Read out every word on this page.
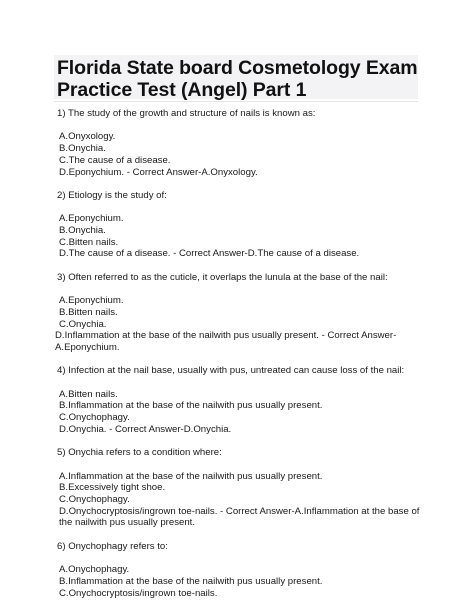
Florida State board Cosmetology Exam
Practice Test (Angel) Part 1

1) The study of the growth and structure of nails is known as:

A.Onyxology.
B.Onychia.
C.The cause of a disease.
D.Eponychium. - Correct Answer-A.Onyxology.

2) Etiology is the study of:

A.Eponychium.
B.Onychia.
C.Bitten nails.
D.The cause of a disease. - Correct Answer-D.The cause of a disease.

3) Often referred to as the cuticle, it overlaps the lunula at the base of the nail:

A.Eponychium.
B.Bitten nails.
C.Onychia.
D.Inflammation at the base of the nailwith pus usually present. - Correct Answer-
A.Eponychium.

4) Infection at the nail base, usually with pus, untreated can cause loss of the nail:

A.Bitten nails.
B.Inflammation at the base of the nailwith pus usually present.
C.Onychophagy.
D.Onychia. - Correct Answer-D.Onychia.

5) Onychia refers to a condition where:

A.Inflammation at the base of the nailwith pus usually present.
B.Excessively tight shoe.
C.Onychophagy.
D.Onychocryptosis/ingrown toe-nails. - Correct Answer-A.Inflammation at the base of
the nailwith pus usually present.

6) Onychophagy refers to:

A.Onychophagy.
B.Inflammation at the base of the nailwith pus usually present.
C.Onychocryptosis/ingrown toe-nails.
